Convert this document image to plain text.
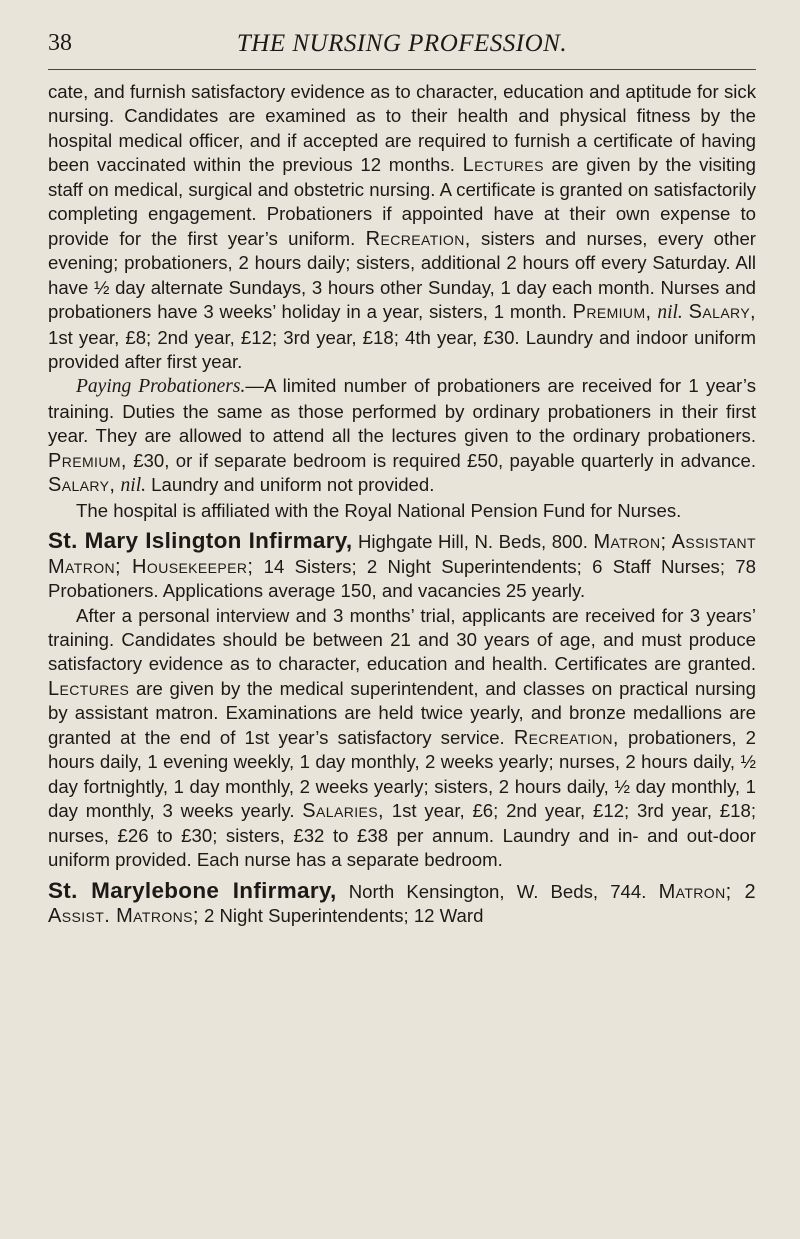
38	THE NURSING PROFESSION.

cate, and furnish satisfactory evidence as to character, education and aptitude for sick nursing. Candidates are examined as to their health and physical fitness by the hospital medical officer, and if accepted are required to furnish a certificate of having been vaccinated within the previous 12 months. Lectures are given by the visiting staff on medical, surgical and obstetric nursing. A certificate is granted on satisfactorily completing engagement. Probationers if appointed have at their own expense to provide for the first year’s uniform. Recreation, sisters and nurses, every other evening; probationers, 2 hours daily; sisters, additional 2 hours off every Saturday. All have ½ day alternate Sundays, 3 hours other Sunday, 1 day each month. Nurses and probationers have 3 weeks’ holiday in a year, sisters, 1 month. Premium, nil. Salary, 1st year, £8; 2nd year, £12; 3rd year, £18; 4th year, £30. Laundry and indoor uniform provided after first year.

Paying Probationers.—A limited number of probationers are received for 1 year’s training. Duties the same as those performed by ordinary probationers in their first year. They are allowed to attend all the lectures given to the ordinary probationers. Premium, £30, or if separate bedroom is required £50, payable quarterly in advance. Salary, nil. Laundry and uniform not provided.

The hospital is affiliated with the Royal National Pension Fund for Nurses.

St. Mary Islington Infirmary, Highgate Hill, N. Beds, 800. Matron; Assistant Matron; Housekeeper; 14 Sisters; 2 Night Superintendents; 6 Staff Nurses; 78 Probationers. Applications average 150, and vacancies 25 yearly.

After a personal interview and 3 months’ trial, applicants are received for 3 years’ training. Candidates should be between 21 and 30 years of age, and must produce satisfactory evidence as to character, education and health. Certificates are granted. Lectures are given by the medical superintendent, and classes on practical nursing by assistant matron. Examinations are held twice yearly, and bronze medallions are granted at the end of 1st year’s satisfactory service. Recreation, probationers, 2 hours daily, 1 evening weekly, 1 day monthly, 2 weeks yearly; nurses, 2 hours daily, ½ day fortnightly, 1 day monthly, 2 weeks yearly; sisters, 2 hours daily, ½ day monthly, 1 day monthly, 3 weeks yearly. Salaries, 1st year, £6; 2nd year, £12; 3rd year, £18; nurses, £26 to £30; sisters, £32 to £38 per annum. Laundry and in- and out-door uniform provided. Each nurse has a separate bedroom.

St. Marylebone Infirmary, North Kensington, W. Beds, 744. Matron; 2 Assist. Matrons; 2 Night Superintendents; 12 Ward
